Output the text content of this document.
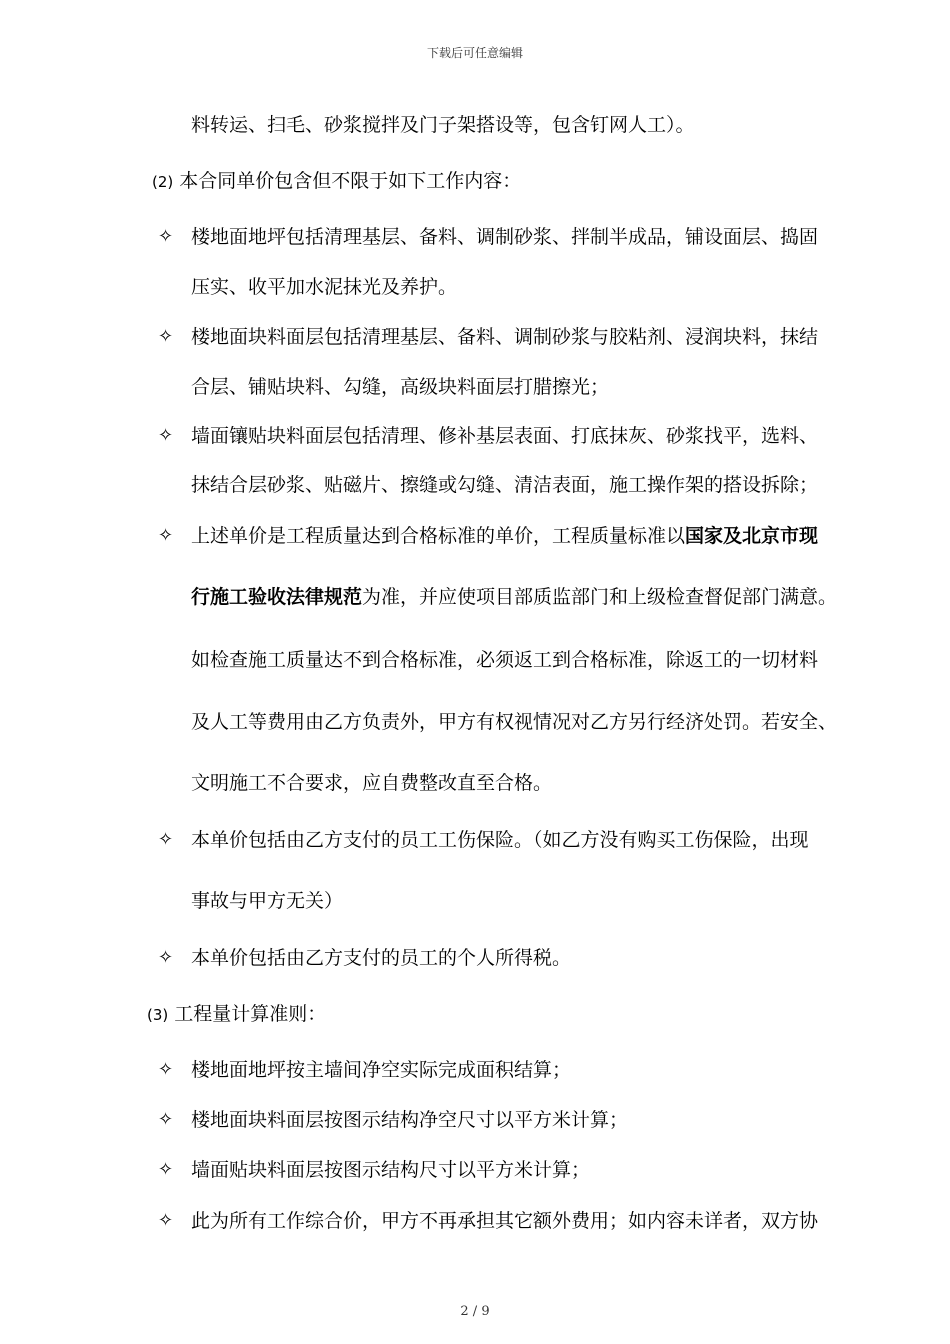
下载后可任意编辑
料转运、扫毛、砂浆搅拌及门子架搭设等，包含钉网人工）。
(2) 本合同单价包含但不限于如下工作内容：
✧ 楼地面地坪包括清理基层、备料、调制砂浆、拌制半成品，铺设面层、捣固
压实、收平加水泥抹光及养护。
✧ 楼地面块料面层包括清理基层、备料、调制砂浆与胶粘剂、浸润块料，抹结
合层、铺贴块料、勾缝，高级块料面层打腊擦光；
✧ 墙面镶贴块料面层包括清理、修补基层表面、打底抹灰、砂浆找平，选料、
抹结合层砂浆、贴磁片、擦缝或勾缝、清洁表面，施工操作架的搭设拆除；
✧ 上述单价是工程质量达到合格标准的单价，工程质量标准以国家及北京市现
行施工验收法律规范为准，并应使项目部质监部门和上级检查督促部门满意。
如检查施工质量达不到合格标准，必须返工到合格标准，除返工的一切材料
及人工等费用由乙方负责外，甲方有权视情况对乙方另行经济处罚。若安全、
文明施工不合要求，应自费整改直至合格。
✧ 本单价包括由乙方支付的员工工伤保险。（如乙方没有购买工伤保险，出现
事故与甲方无关）
✧ 本单价包括由乙方支付的员工的个人所得税。
(3) 工程量计算准则：
✧ 楼地面地坪按主墙间净空实际完成面积结算；
✧ 楼地面块料面层按图示结构净空尺寸以平方米计算；
✧ 墙面贴块料面层按图示结构尺寸以平方米计算；
✧ 此为所有工作综合价，甲方不再承担其它额外费用；如内容未详者，双方协
2 / 9
